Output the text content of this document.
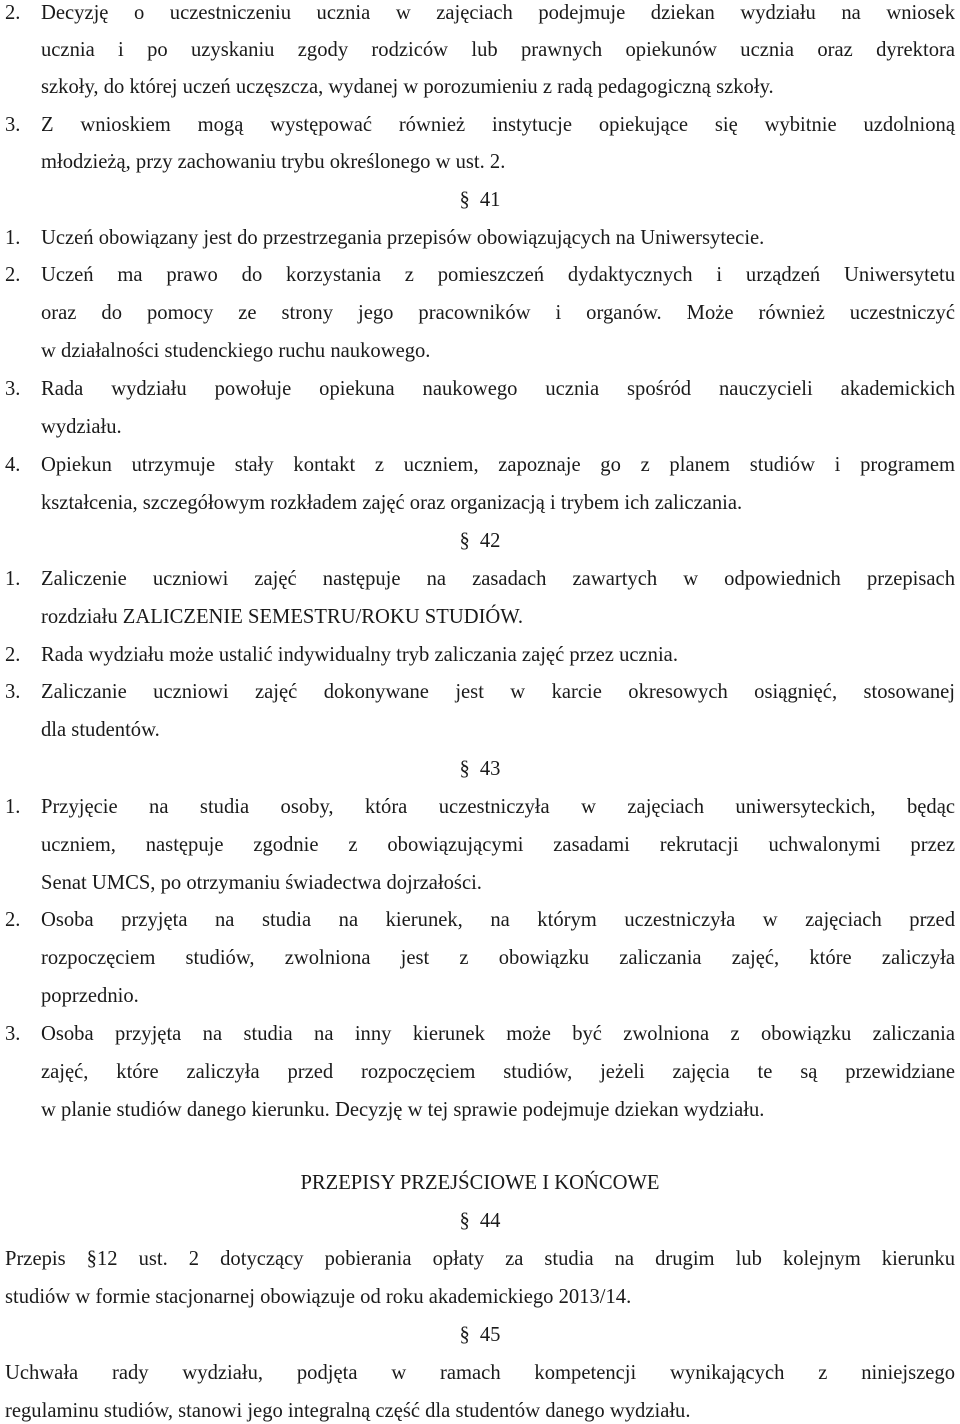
2. Decyzję o uczestniczeniu ucznia w zajęciach podejmuje dziekan wydziału na wniosek
ucznia i po uzyskaniu zgody rodziców lub prawnych opiekunów ucznia oraz dyrektora
szkoły, do której uczeń uczęszcza, wydanej w porozumieniu z radą pedagogiczną szkoły.
3. Z wnioskiem mogą występować również instytucje opiekujące się wybitnie uzdolnioną
młodzieżą, przy zachowaniu trybu określonego w ust. 2.
§ 41
1. Uczeń obowiązany jest do przestrzegania przepisów obowiązujących na Uniwersytecie.
2. Uczeń ma prawo do korzystania z pomieszczeń dydaktycznych i urządzeń Uniwersytetu
oraz do pomocy ze strony jego pracowników i organów. Może również uczestniczyć
w działalności studenckiego ruchu naukowego.
3. Rada wydziału powołuje opiekuna naukowego ucznia spośród nauczycieli akademickich
wydziału.
4. Opiekun utrzymuje stały kontakt z uczniem, zapoznaje go z planem studiów i programem
kształcenia, szczegółowym rozkładem zajęć oraz organizacją i trybem ich zaliczania.
§ 42
1. Zaliczenie uczniowi zajęć następuje na zasadach zawartych w odpowiednich przepisach
rozdziału ZALICZENIE SEMESTRU/ROKU STUDIÓW.
2. Rada wydziału może ustalić indywidualny tryb zaliczania zajęć przez ucznia.
3. Zaliczanie uczniowi zajęć dokonywane jest w karcie okresowych osiągnięć, stosowanej
dla studentów.
§ 43
1. Przyjęcie na studia osoby, która uczestniczyła w zajęciach uniwersyteckich, będąc
uczniem, następuje zgodnie z obowiązującymi zasadami rekrutacji uchwalonymi przez
Senat UMCS, po otrzymaniu świadectwa dojrzałości.
2. Osoba przyjęta na studia na kierunek, na którym uczestniczyła w zajęciach przed
rozpoczęciem studiów, zwolniona jest z obowiązku zaliczania zajęć, które zaliczyła
poprzednio.
3. Osoba przyjęta na studia na inny kierunek może być zwolniona z obowiązku zaliczania
zajęć, które zaliczyła przed rozpoczęciem studiów, jeżeli zajęcia te są przewidziane
w planie studiów danego kierunku. Decyzję w tej sprawie podejmuje dziekan wydziału.
PRZEPISY PRZEJŚCIOWE I KOŃCOWE
§ 44
Przepis §12 ust. 2 dotyczący pobierania opłaty za studia na drugim lub kolejnym kierunku
studiów w formie stacjonarnej obowiązuje od roku akademickiego 2013/14.
§ 45
Uchwała rady wydziału, podjęta w ramach kompetencji wynikających z niniejszego
regulaminu studiów, stanowi jego integralną część dla studentów danego wydziału.
